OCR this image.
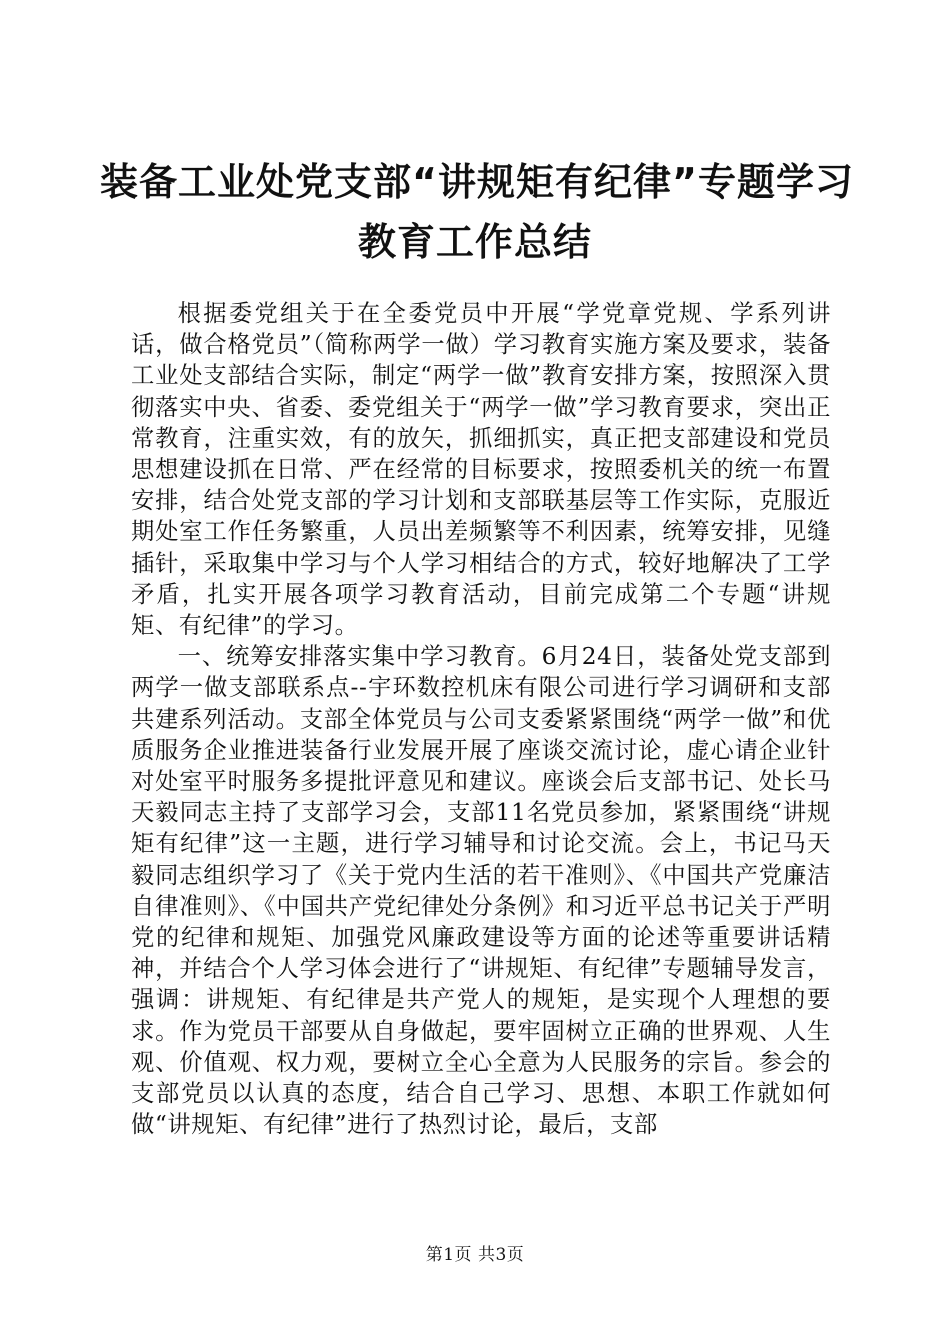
装备工业处党支部“讲规矩有纪律”专题学习
教育工作总结

根据委党组关于在全委党员中开展“学党章党规、学系列讲话，做合格党员”（简称两学一做）学习教育实施方案及要求，装备工业处支部结合实际，制定“两学一做”教育安排方案，按照深入贯彻落实中央、省委、委党组关于“两学一做”学习教育要求，突出正常教育，注重实效，有的放矢，抓细抓实，真正把支部建设和党员思想建设抓在日常、严在经常的目标要求，按照委机关的统一布置安排，结合处党支部的学习计划和支部联基层等工作实际，克服近期处室工作任务繁重，人员出差频繁等不利因素，统筹安排，见缝插针，采取集中学习与个人学习相结合的方式，较好地解决了工学矛盾，扎实开展各项学习教育活动，目前完成第二个专题“讲规矩、有纪律”的学习。

一、统筹安排落实集中学习教育。6月24日，装备处党支部到两学一做支部联系点--宇环数控机床有限公司进行学习调研和支部共建系列活动。支部全体党员与公司支委紧紧围绕“两学一做”和优质服务企业推进装备行业发展开展了座谈交流讨论，虚心请企业针对处室平时服务多提批评意见和建议。座谈会后支部书记、处长马天毅同志主持了支部学习会，支部11名党员参加，紧紧围绕“讲规矩有纪律”这一主题，进行学习辅导和讨论交流。会上，书记马天毅同志组织学习了《关于党内生活的若干准则》、《中国共产党廉洁自律准则》、《中国共产党纪律处分条例》和习近平总书记关于严明党的纪律和规矩、加强党风廉政建设等方面的论述等重要讲话精神，并结合个人学习体会进行了“讲规矩、有纪律”专题辅导发言，强调：讲规矩、有纪律是共产党人的规矩，是实现个人理想的要求。作为党员干部要从自身做起，要牢固树立正确的世界观、人生观、价值观、权力观，要树立全心全意为人民服务的宗旨。参会的支部党员以认真的态度，结合自己学习、思想、本职工作就如何做“讲规矩、有纪律”进行了热烈讨论，最后，支部

第1页 共3页
